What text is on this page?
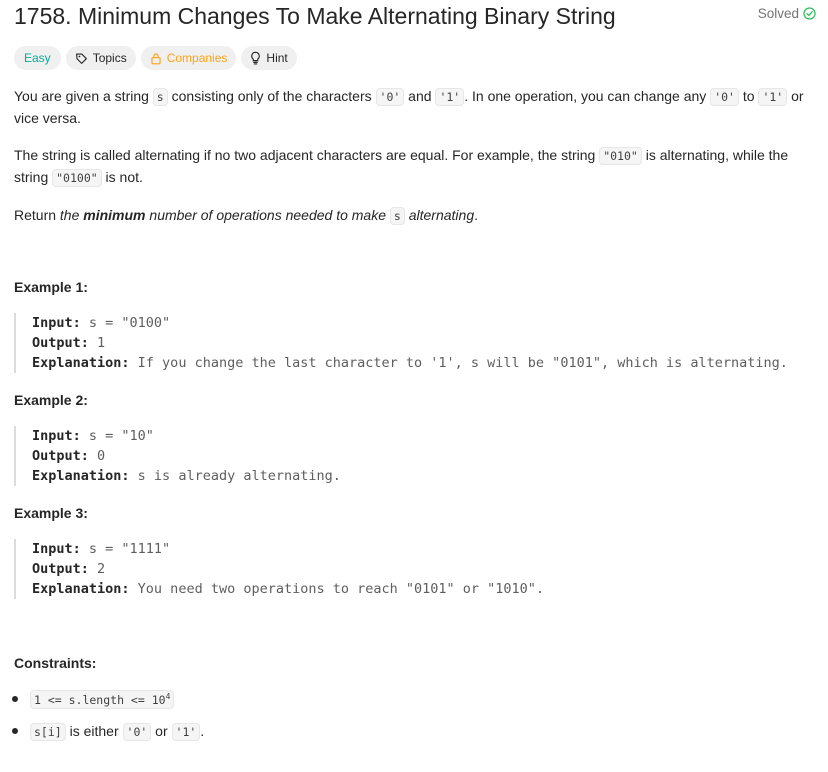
1758. Minimum Changes To Make Alternating Binary String	Solved
Easy	Topics	Companies	Hint

You are given a string s consisting only of the characters '0' and '1' . In one operation, you can change any '0' to '1' or vice versa.

The string is called alternating if no two adjacent characters are equal. For example, the string "010" is alternating, while the string "0100" is not.

Return the minimum number of operations needed to make s alternating.

Example 1:
Input: s = "0100"
Output: 1
Explanation: If you change the last character to '1', s will be "0101", which is alternating.
Example 2:
Input: s = "10"
Output: 0
Explanation: s is already alternating.
Example 3:
Input: s = "1111"
Output: 2
Explanation: You need two operations to reach "0101" or "1010".
Constraints:
1 <= s.length <= $10^4$
s[i] is either '0' or '1' .
